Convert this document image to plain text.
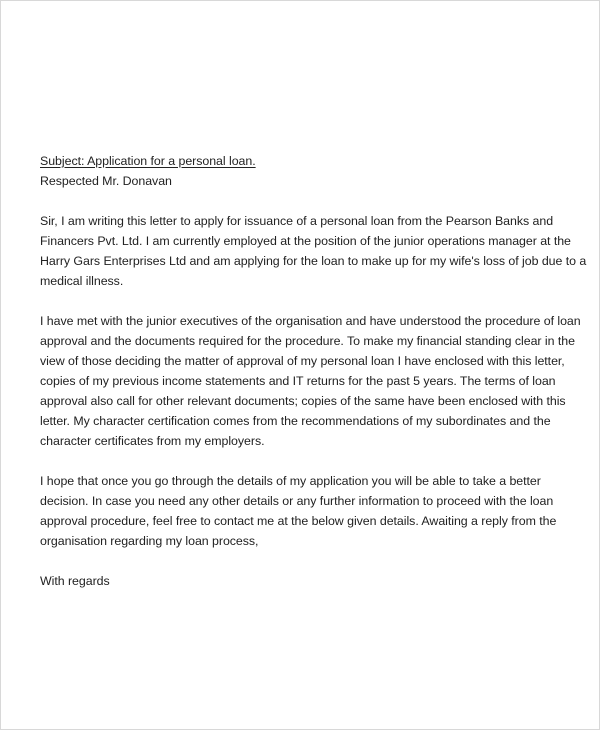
Subject: Application for a personal loan.

Respected Mr. Donavan

Sir, I am writing this letter to apply for issuance of a personal loan from the Pearson Banks and
Financers Pvt. Ltd. I am currently employed at the position of the junior operations manager at the
Harry Gars Enterprises Ltd and am applying for the loan to make up for my wife's loss of job due to a
medical illness.

I have met with the junior executives of the organisation and have understood the procedure of loan
approval and the documents required for the procedure. To make my financial standing clear in the
view of those deciding the matter of approval of my personal loan I have enclosed with this letter,
copies of my previous income statements and IT returns for the past 5 years. The terms of loan
approval also call for other relevant documents; copies of the same have been enclosed with this
letter. My character certification comes from the recommendations of my subordinates and the
character certificates from my employers.

I hope that once you go through the details of my application you will be able to take a better
decision. In case you need any other details or any further information to proceed with the loan
approval procedure, feel free to contact me at the below given details. Awaiting a reply from the
organisation regarding my loan process,

With regards
